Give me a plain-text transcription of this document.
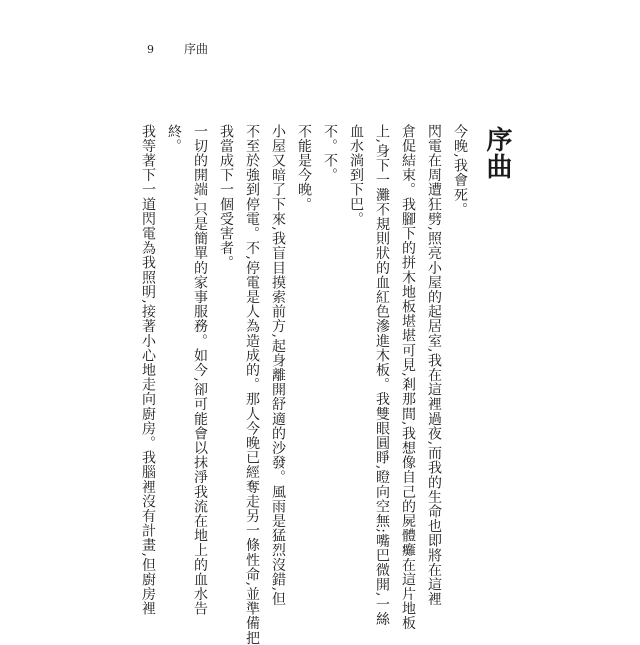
9	序曲
序曲

今晚,我會死。

閃電在周遭狂劈,照亮小屋的起居室,我在這裡過夜,而我的生命也即將在這裡

倉促結束。我腳下的拼木地板堪堪可見,剎那間,我想像自己的屍體癱在這片地板

上,身下一灘不規則狀的血紅色滲進木板。我雙眼圓睜,瞪向空無;嘴巴微開,一絲

血水淌到下巴。

不。不。

不能是今晚。

小屋又暗了下來,我盲目摸索前方,起身離開舒適的沙發。風雨是猛烈沒錯,但

不至於強到停電。不,停電是人為造成的。那人今晚已經奪走另一條性命,並準備把

我當成下一個受害者。

一切的開端,只是簡單的家事服務。如今,卻可能會以抹淨我流在地上的血水告

終。

我等著下一道閃電為我照明,接著小心地走向廚房。我腦裡沒有計畫,但廚房裡
